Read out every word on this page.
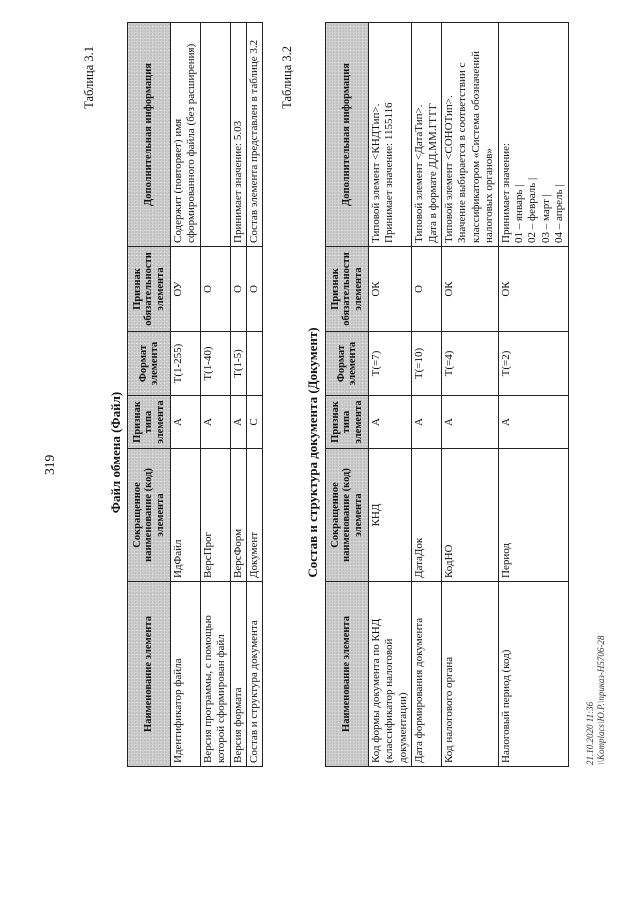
319
Таблица 3.1
Файл обмена (Файл)
Наименование элемента	Сокращенное наименование (код) элемента	Признак типа элемента	Формат элемента	Признак обязательности элемента	Дополнительная информация
Идентификатор файла	ИдФайл	А	T(1-255)	ОУ	Содержит (повторяет) имя сформированного файла (без расширения)

Версия программы, с помощью которой сформирован файл	ВерсПрог	А	T(1-40)	О	

Версия формата	ВерсФорм	А	T(1-5)	О	Принимает значение: 5.03

Состав и структура документа	Документ	С		О	Состав элемента представлен в таблице 3.2 Таблица 3.2
Состав и структура документа (Документ)
Наименование элемента	Сокращенное наименование (код) элемента	Признак типа элемента	Формат элемента	Признак обязательности элемента	Дополнительная информация
Код формы документа по КНД (классификатор налоговой документации)	КНД	А	T(=7)	ОК	Типовой элемент <КНДТип>. Принимает значение: 1155116

Дата формирования документа	ДатаДок	А	T(=10)	О	Типовой элемент <ДатаТип>. Дата в формате ДД.ММ.ГГГГ

Код налогового органа	КодНО	А	T(=4)	ОК	Типовой элемент <СОНОТип>. Значение выбирается в соответствии с классификатором «Система обозначений налоговых органов»

Налоговый период (код)	Период	А	T(=2)	ОК	Принимает значение: 01 – январь | 02 – февраль | 03 – март | 04 – апрель |
21.10.2020 11:36 \\Komplacs\Ю.Р.\приказ-Н5706-28
